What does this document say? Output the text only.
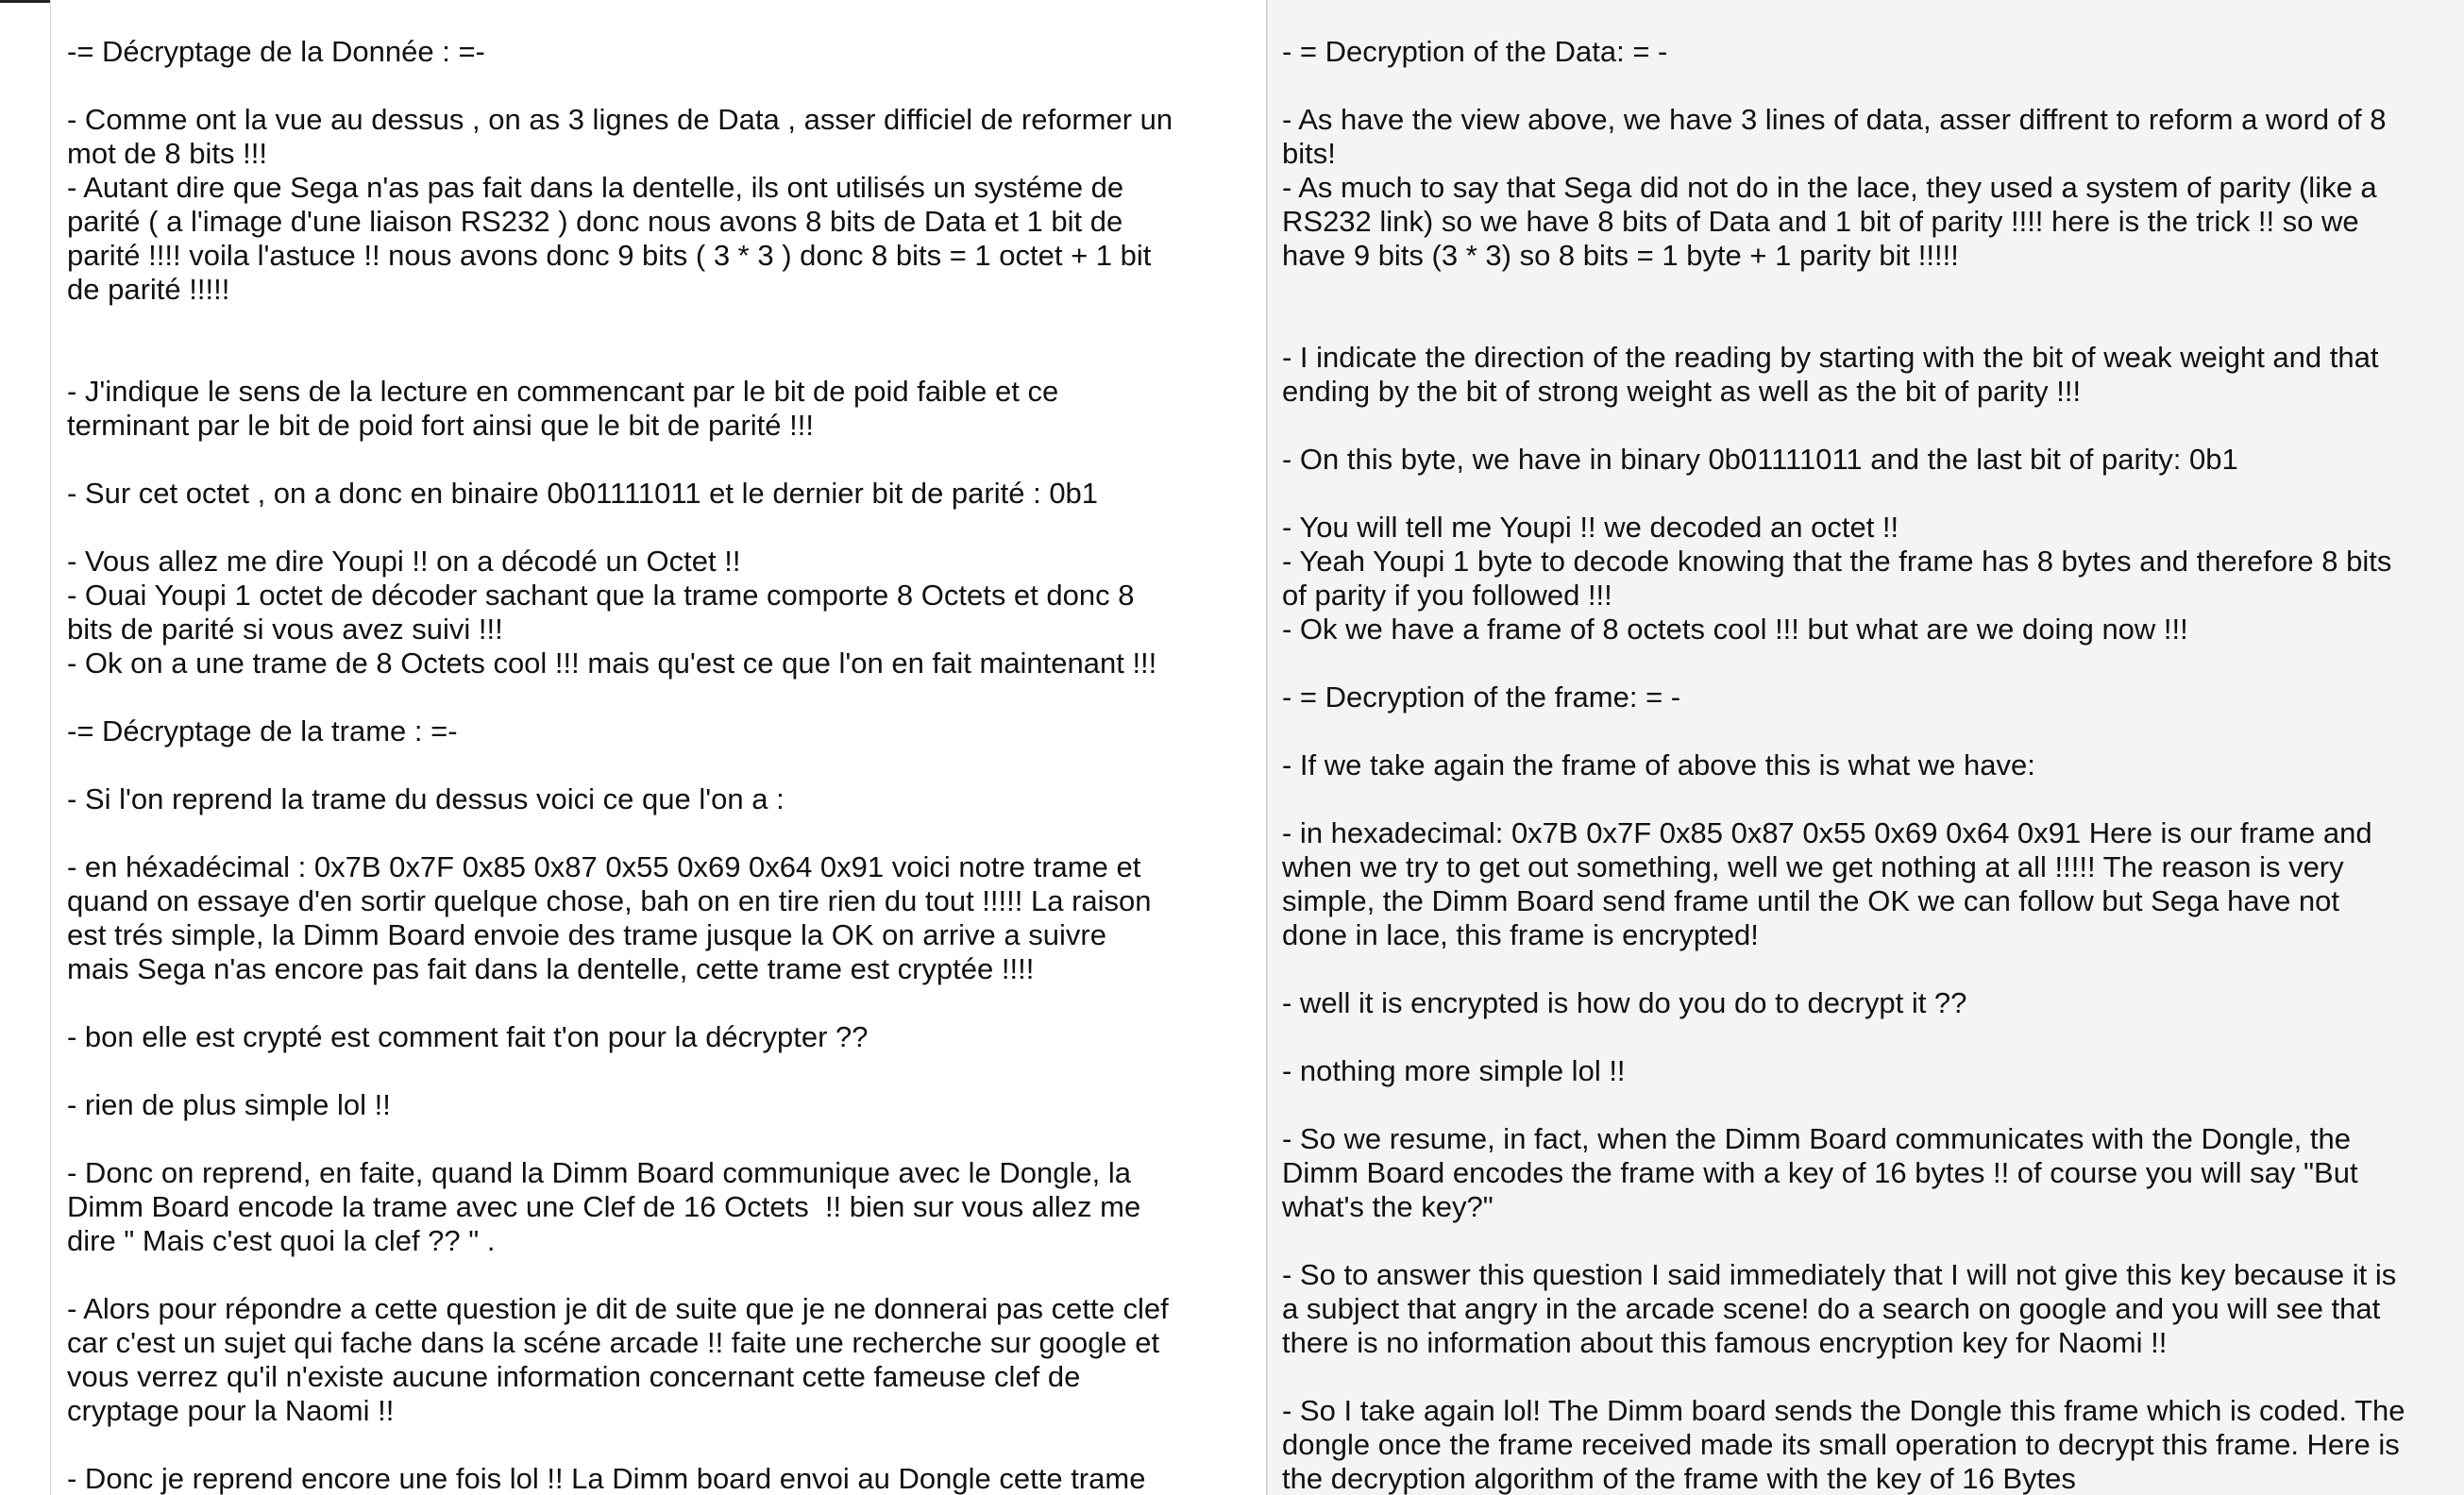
-= Décryptage de la Donnée : =-
- Comme ont la vue au dessus , on as 3 lignes de Data , asser difficiel de reformer un
mot de 8 bits !!!
- Autant dire que Sega n'as pas fait dans la dentelle, ils ont utilisés un systéme de
parité ( a l'image d'une liaison RS232 ) donc nous avons 8 bits de Data et 1 bit de
parité !!!! voila l'astuce !! nous avons donc 9 bits ( 3 * 3 ) donc 8 bits = 1 octet + 1 bit
de parité !!!!!
- J'indique le sens de la lecture en commencant par le bit de poid faible et ce
terminant par le bit de poid fort ainsi que le bit de parité !!!
- Sur cet octet , on a donc en binaire 0b01111011 et le dernier bit de parité : 0b1
- Vous allez me dire Youpi !! on a décodé un Octet !!
- Ouai Youpi 1 octet de décoder sachant que la trame comporte 8 Octets et donc 8
bits de parité si vous avez suivi !!!
- Ok on a une trame de 8 Octets cool !!! mais qu'est ce que l'on en fait maintenant !!!
-= Décryptage de la trame : =-
- Si l'on reprend la trame du dessus voici ce que l'on a :
- en héxadécimal : 0x7B 0x7F 0x85 0x87 0x55 0x69 0x64 0x91 voici notre trame et
quand on essaye d'en sortir quelque chose, bah on en tire rien du tout !!!!! La raison
est trés simple, la Dimm Board envoie des trame jusque la OK on arrive a suivre
mais Sega n'as encore pas fait dans la dentelle, cette trame est cryptée !!!!
- bon elle est crypté est comment fait t'on pour la décrypter ??
- rien de plus simple lol !!
- Donc on reprend, en faite, quand la Dimm Board communique avec le Dongle, la
Dimm Board encode la trame avec une Clef de 16 Octets  !! bien sur vous allez me
dire " Mais c'est quoi la clef ?? " .
- Alors pour répondre a cette question je dit de suite que je ne donnerai pas cette clef
car c'est un sujet qui fache dans la scéne arcade !! faite une recherche sur google et
vous verrez qu'il n'existe aucune information concernant cette fameuse clef de
cryptage pour la Naomi !!
- Donc je reprend encore une fois lol !! La Dimm board envoi au Dongle cette trame
- = Decryption of the Data: = -
- As have the view above, we have 3 lines of data, asser diffrent to reform a word of 8
bits!
- As much to say that Sega did not do in the lace, they used a system of parity (like a
RS232 link) so we have 8 bits of Data and 1 bit of parity !!!! here is the trick !! so we
have 9 bits (3 * 3) so 8 bits = 1 byte + 1 parity bit !!!!!
- I indicate the direction of the reading by starting with the bit of weak weight and that
ending by the bit of strong weight as well as the bit of parity !!!
- On this byte, we have in binary 0b01111011 and the last bit of parity: 0b1
- You will tell me Youpi !! we decoded an octet !!
- Yeah Youpi 1 byte to decode knowing that the frame has 8 bytes and therefore 8 bits
of parity if you followed !!!
- Ok we have a frame of 8 octets cool !!! but what are we doing now !!!
- = Decryption of the frame: = -
- If we take again the frame of above this is what we have:
- in hexadecimal: 0x7B 0x7F 0x85 0x87 0x55 0x69 0x64 0x91 Here is our frame and
when we try to get out something, well we get nothing at all !!!!! The reason is very
simple, the Dimm Board send frame until the OK we can follow but Sega have not
done in lace, this frame is encrypted!
- well it is encrypted is how do you do to decrypt it ??
- nothing more simple lol !!
- So we resume, in fact, when the Dimm Board communicates with the Dongle, the
Dimm Board encodes the frame with a key of 16 bytes !! of course you will say "But
what's the key?"
- So to answer this question I said immediately that I will not give this key because it is
a subject that angry in the arcade scene! do a search on google and you will see that
there is no information about this famous encryption key for Naomi !!
- So I take again lol! The Dimm board sends the Dongle this frame which is coded. The
dongle once the frame received made its small operation to decrypt this frame. Here is
the decryption algorithm of the frame with the key of 16 Bytes
